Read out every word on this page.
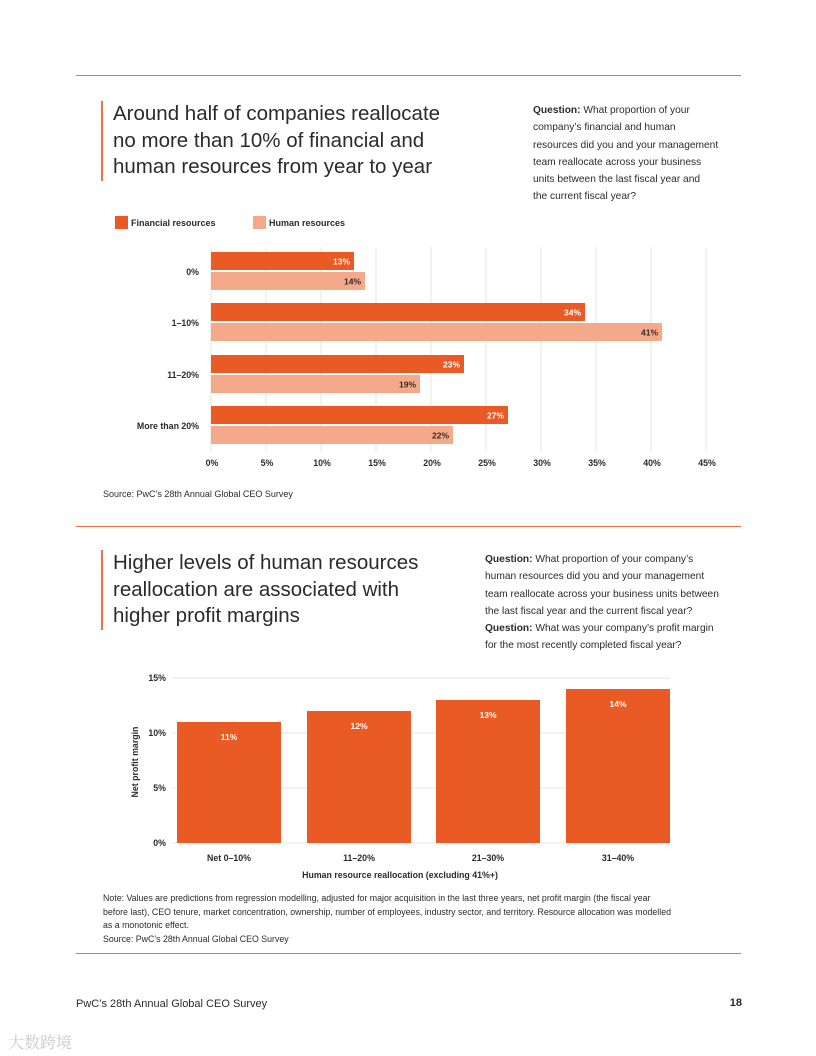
Around half of companies reallocate
no more than 10% of financial and
human resources from year to year
Question: What proportion of your
company’s financial and human
resources did you and your management
team reallocate across your business
units between the last fiscal year and
the current fiscal year?
Financial resources	Human resources
0%	5%	10%	15%	20%	25%	30%	35%	40%	45%
0%
13%
14%
1–10%
34%
41%
11–20%
23%
19%
More than 20%
27%
22%
Source: PwC’s 28th Annual Global CEO Survey
Higher levels of human resources
reallocation are associated with
higher profit margins
Question: What proportion of your company’s
human resources did you and your management
team reallocate across your business units between
the last fiscal year and the current fiscal year?
Question: What was your company’s profit margin
for the most recently completed fiscal year?
0%
5%
10%
15%
11%
Net 0–10%
12%
11–20%
13%
21–30%
14%
31–40%
Human resource reallocation (excluding 41%+)
Net profit margin
Note: Values are predictions from regression modelling, adjusted for major acquisition in the last three years, net profit margin (the fiscal year
before last), CEO tenure, market concentration, ownership, number of employees, industry sector, and territory. Resource allocation was modelled
as a monotonic effect.
Source: PwC’s 28th Annual Global CEO Survey
PwC’s 28th Annual Global CEO Survey	18
大数跨境
